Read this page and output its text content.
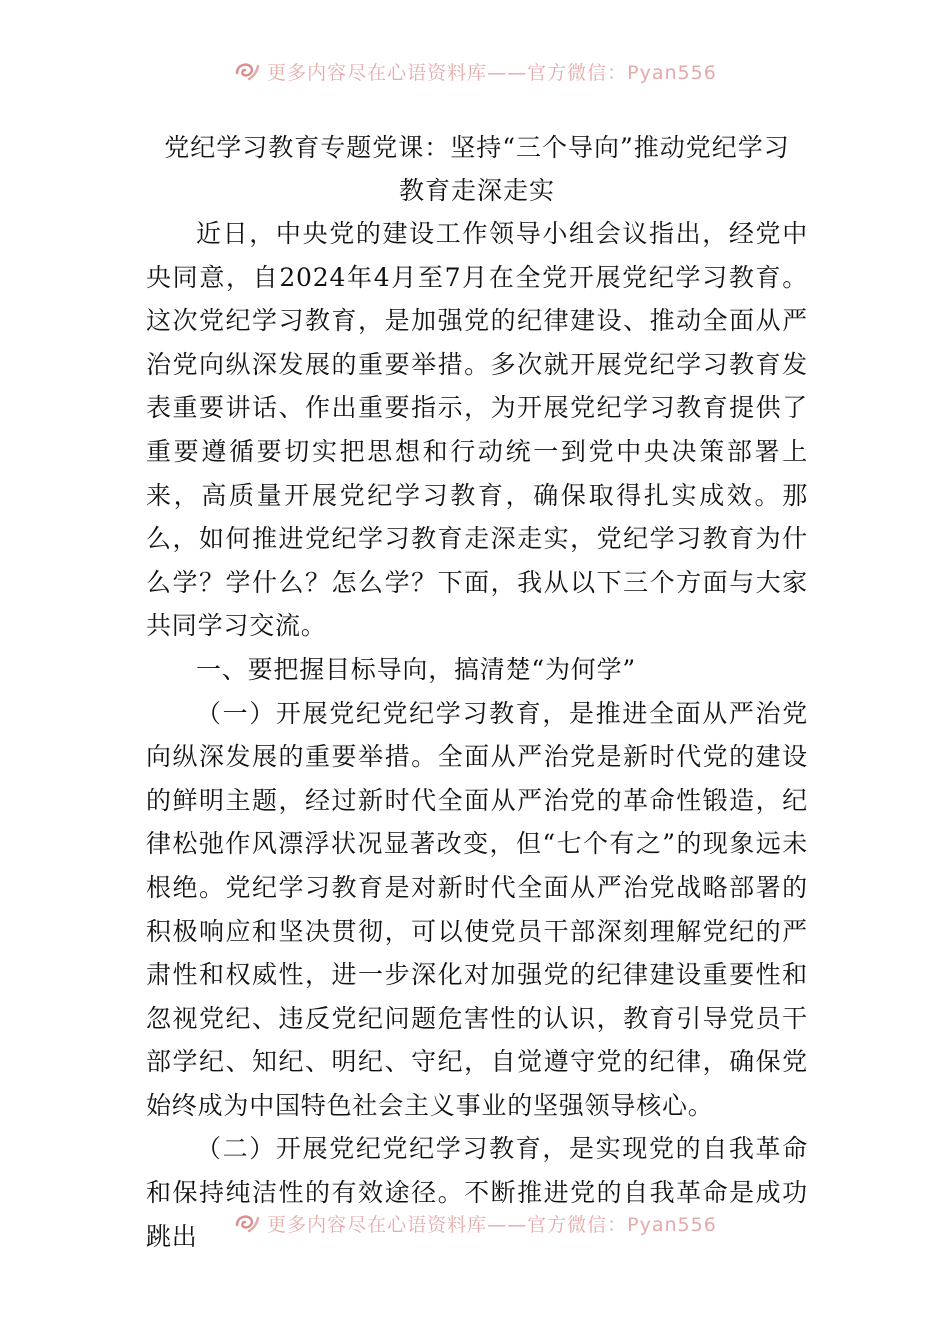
更多内容尽在心语资料库——官方微信：Pyan556
党纪学习教育专题党课：坚持“三个导向”推动党纪学习
教育走深走实

近日，中央党的建设工作领导小组会议指出，经党中央同意，自2024年4月至7月在全党开展党纪学习教育。这次党纪学习教育，是加强党的纪律建设、推动全面从严治党向纵深发展的重要举措。多次就开展党纪学习教育发表重要讲话、作出重要指示，为开展党纪学习教育提供了重要遵循要切实把思想和行动统一到党中央决策部署上来，高质量开展党纪学习教育，确保取得扎实成效。那么，如何推进党纪学习教育走深走实，党纪学习教育为什么学？学什么？怎么学？下面，我从以下三个方面与大家共同学习交流。

一、要把握目标导向，搞清楚“为何学”

（一）开展党纪党纪学习教育，是推进全面从严治党向纵深发展的重要举措。全面从严治党是新时代党的建设的鲜明主题，经过新时代全面从严治党的革命性锻造，纪律松弛作风漂浮状况显著改变，但“七个有之”的现象远未根绝。党纪学习教育是对新时代全面从严治党战略部署的积极响应和坚决贯彻，可以使党员干部深刻理解党纪的严肃性和权威性，进一步深化对加强党的纪律建设重要性和忽视党纪、违反党纪问题危害性的认识，教育引导党员干部学纪、知纪、明纪、守纪，自觉遵守党的纪律，确保党始终成为中国特色社会主义事业的坚强领导核心。

（二）开展党纪党纪学习教育，是实现党的自我革命和保持纯洁性的有效途径。不断推进党的自我革命是成功跳出	更多内容尽在心语资料库——官方微信：Pyan556
